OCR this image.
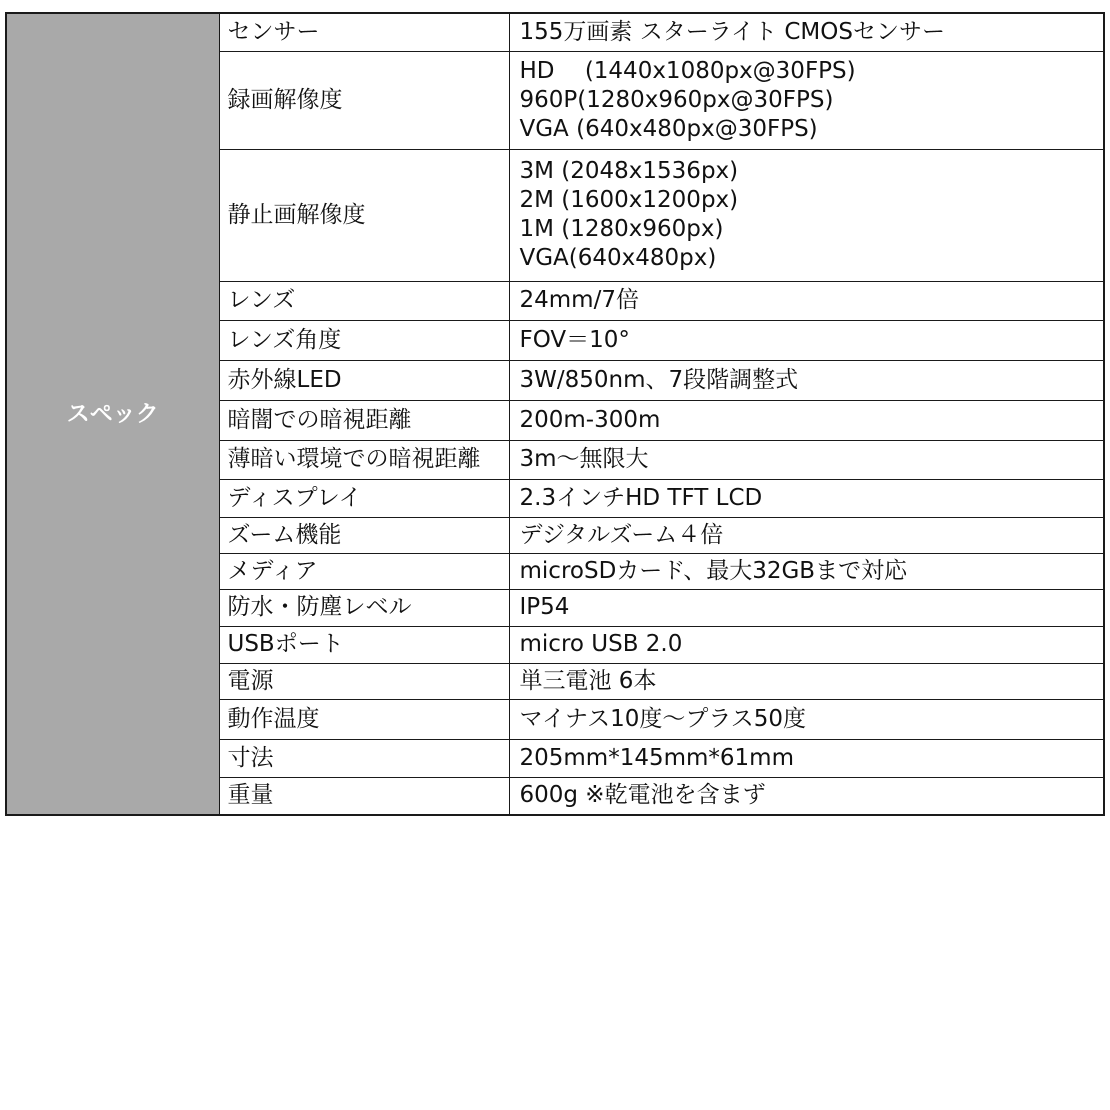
スペック	センサー	155万画素 スターライト CMOSセンサー

	録画解像度	HD　 (1440x1080px@30FPS)
960P(1280x960px@30FPS)
VGA (640x480px@30FPS)

	静止画解像度	3M (2048x1536px)
2M (1600x1200px)
1M (1280x960px)
VGA(640x480px)

	レンズ	24mm/7倍

	レンズ角度	FOV＝10°

	赤外線LED	3W/850nm、7段階調整式

	暗闇での暗視距離	200m-300m

	薄暗い環境での暗視距離	3m〜無限大

	ディスプレイ	2.3インチHD TFT LCD

	ズーム機能	デジタルズーム４倍

	メディア	microSDカード、最大32GBまで対応

	防水・防塵レベル	IP54

	USBポート	micro USB 2.0

	電源	単三電池 6本

	動作温度	マイナス10度〜プラス50度

	寸法	205mm*145mm*61mm

	重量	600g ※乾電池を含まず
